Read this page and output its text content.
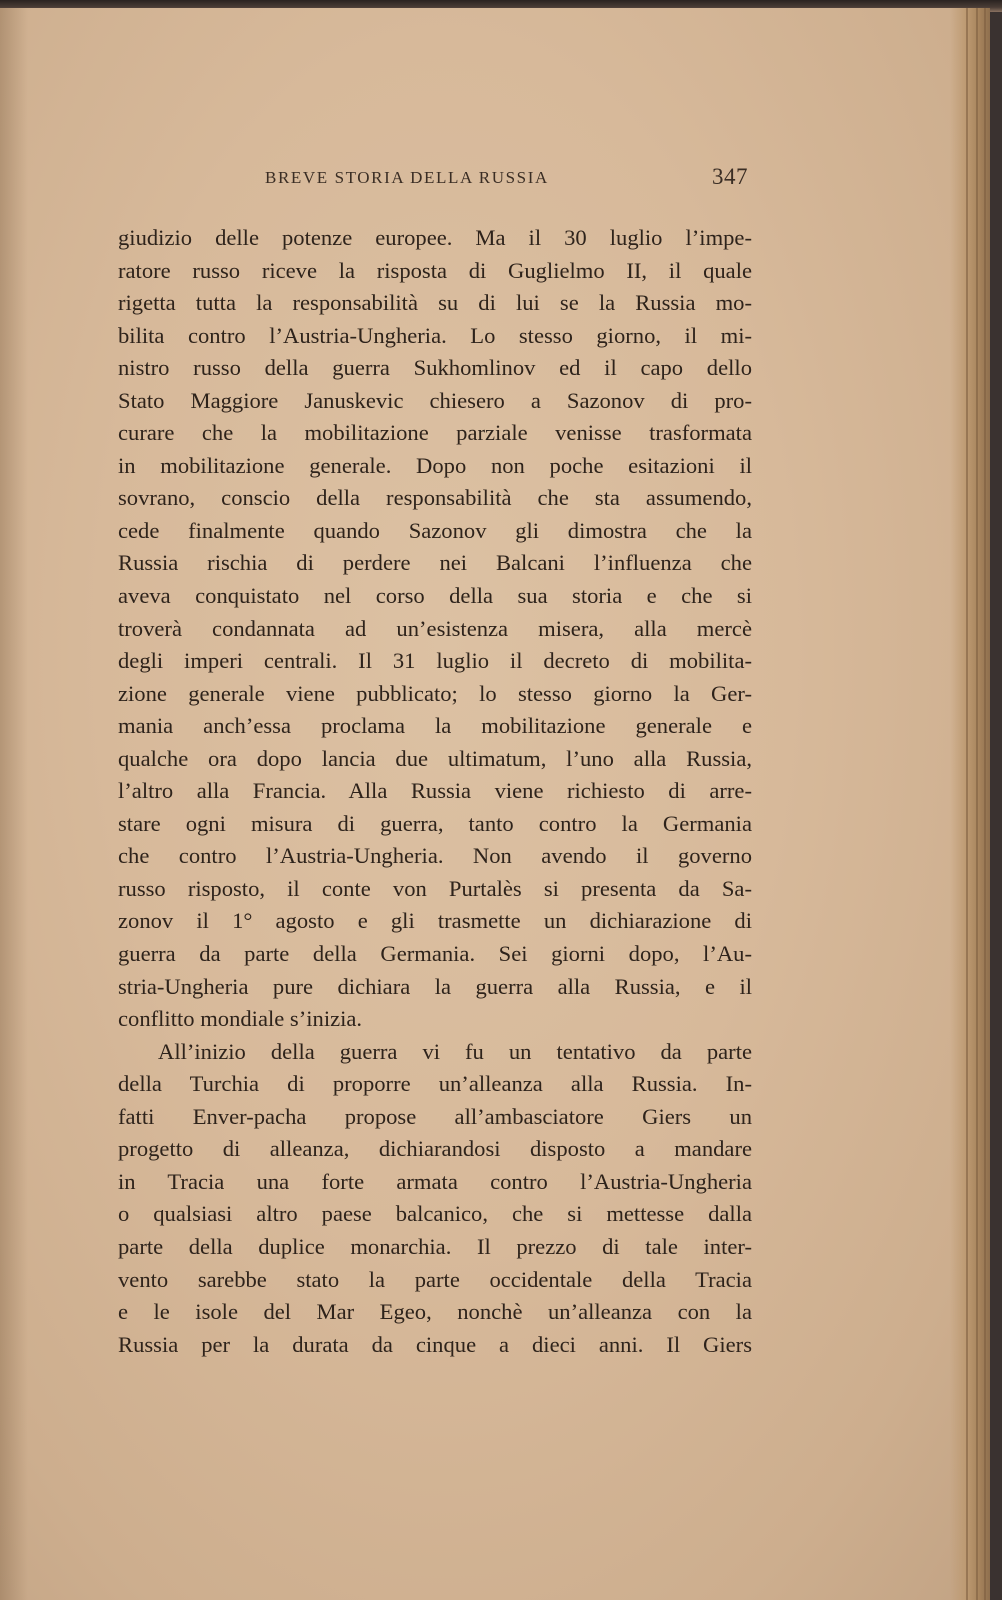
BREVE STORIA DELLA RUSSIA	347
giudizio delle potenze europee. Ma il 30 luglio l’impe-
ratore russo riceve la risposta di Guglielmo II, il quale
rigetta tutta la responsabilità su di lui se la Russia mo-
bilita contro l’Austria-Ungheria. Lo stesso giorno, il mi-
nistro russo della guerra Sukhomlinov ed il capo dello
Stato Maggiore Januskevic chiesero a Sazonov di pro-
curare che la mobilitazione parziale venisse trasformata
in mobilitazione generale. Dopo non poche esitazioni il
sovrano, conscio della responsabilità che sta assumendo,
cede finalmente quando Sazonov gli dimostra che la
Russia rischia di perdere nei Balcani l’influenza che
aveva conquistato nel corso della sua storia e che si
troverà condannata ad un’esistenza misera, alla mercè
degli imperi centrali. Il 31 luglio il decreto di mobilita-
zione generale viene pubblicato; lo stesso giorno la Ger-
mania anch’essa proclama la mobilitazione generale e
qualche ora dopo lancia due ultimatum, l’uno alla Russia,
l’altro alla Francia. Alla Russia viene richiesto di arre-
stare ogni misura di guerra, tanto contro la Germania
che contro l’Austria-Ungheria. Non avendo il governo
russo risposto, il conte von Purtalès si presenta da Sa-
zonov il 1° agosto e gli trasmette un dichiarazione di
guerra da parte della Germania. Sei giorni dopo, l’Au-
stria-Ungheria pure dichiara la guerra alla Russia, e il
conflitto mondiale s’inizia.
All’inizio della guerra vi fu un tentativo da parte
della Turchia di proporre un’alleanza alla Russia. In-
fatti Enver-pacha propose all’ambasciatore Giers un
progetto di alleanza, dichiarandosi disposto a mandare
in Tracia una forte armata contro l’Austria-Ungheria
o qualsiasi altro paese balcanico, che si mettesse dalla
parte della duplice monarchia. Il prezzo di tale inter-
vento sarebbe stato la parte occidentale della Tracia
e le isole del Mar Egeo, nonchè un’alleanza con la
Russia per la durata da cinque a dieci anni. Il Giers
